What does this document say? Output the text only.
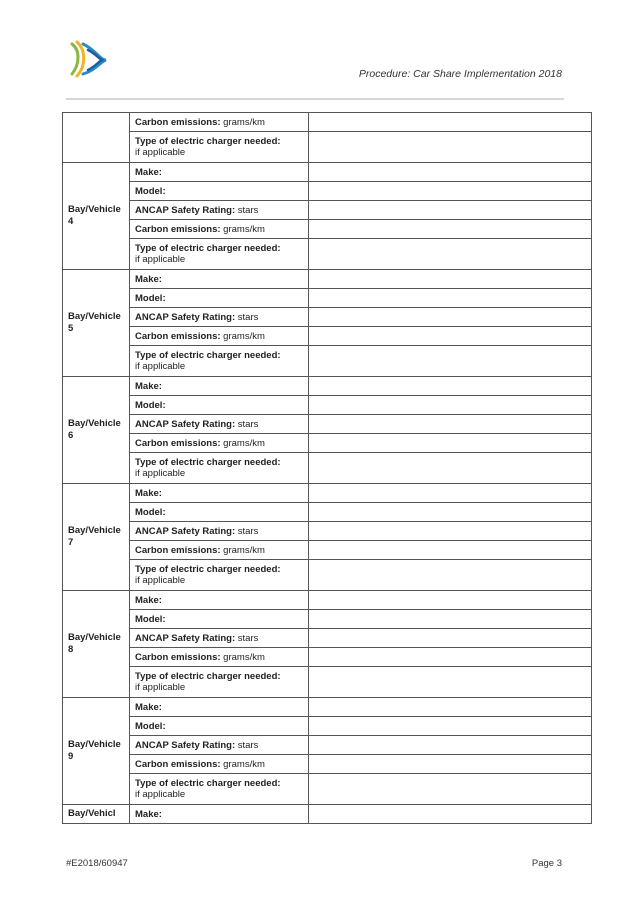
Procedure: Car Share Implementation 2018
	Carbon emissions: grams/km	
	Type of electric charger needed:
if applicable	

Bay/Vehicle 4	Make:	
	Model:	
	ANCAP Safety Rating: stars	
	Carbon emissions: grams/km	
	Type of electric charger needed:
if applicable	

Bay/Vehicle 5	Make:	
	Model:	
	ANCAP Safety Rating: stars	
	Carbon emissions: grams/km	
	Type of electric charger needed:
if applicable	

Bay/Vehicle 6	Make:	
	Model:	
	ANCAP Safety Rating: stars	
	Carbon emissions: grams/km	
	Type of electric charger needed:
if applicable	

Bay/Vehicle 7	Make:	
	Model:	
	ANCAP Safety Rating: stars	
	Carbon emissions: grams/km	
	Type of electric charger needed:
if applicable	

Bay/Vehicle 8	Make:	
	Model:	
	ANCAP Safety Rating: stars	
	Carbon emissions: grams/km	
	Type of electric charger needed:
if applicable	

Bay/Vehicle 9	Make:	
	Model:	
	ANCAP Safety Rating: stars	
	Carbon emissions: grams/km	
	Type of electric charger needed:
if applicable	

Bay/Vehicl	Make:	
#E2018/60947	Page 3
